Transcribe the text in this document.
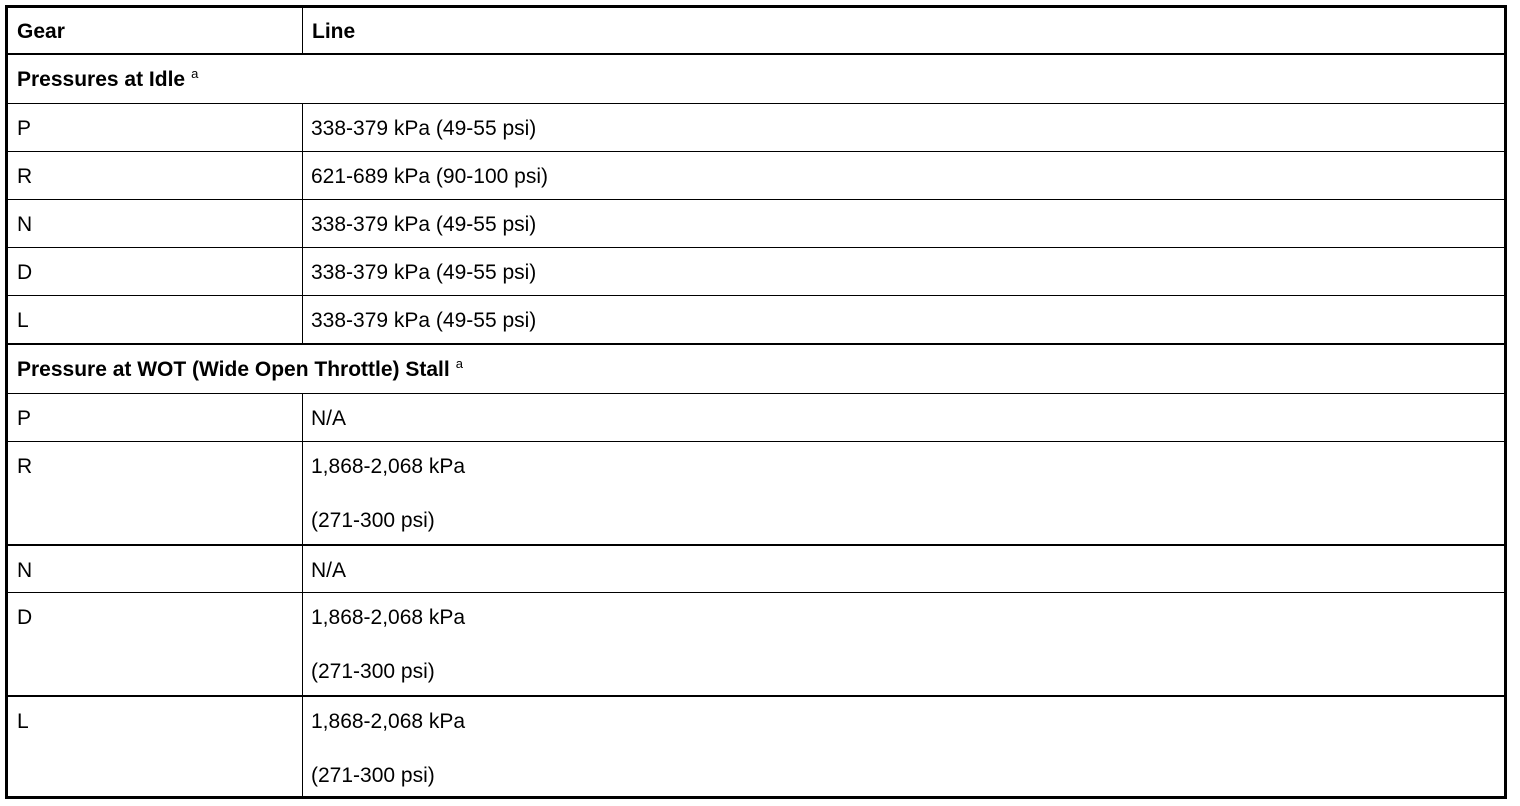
Gear	Line
Pressures at Idle $^a$
P	338-379 kPa (49-55 psi)
R	621-689 kPa (90-100 psi)
N	338-379 kPa (49-55 psi)
D	338-379 kPa (49-55 psi)
L	338-379 kPa (49-55 psi)
Pressure at WOT (Wide Open Throttle) Stall $^a$
P	N/A
R	1,868-2,068 kPa
(271-300 psi)

N	N/A
D	1,868-2,068 kPa
(271-300 psi)

L	1,868-2,068 kPa
(271-300 psi)
